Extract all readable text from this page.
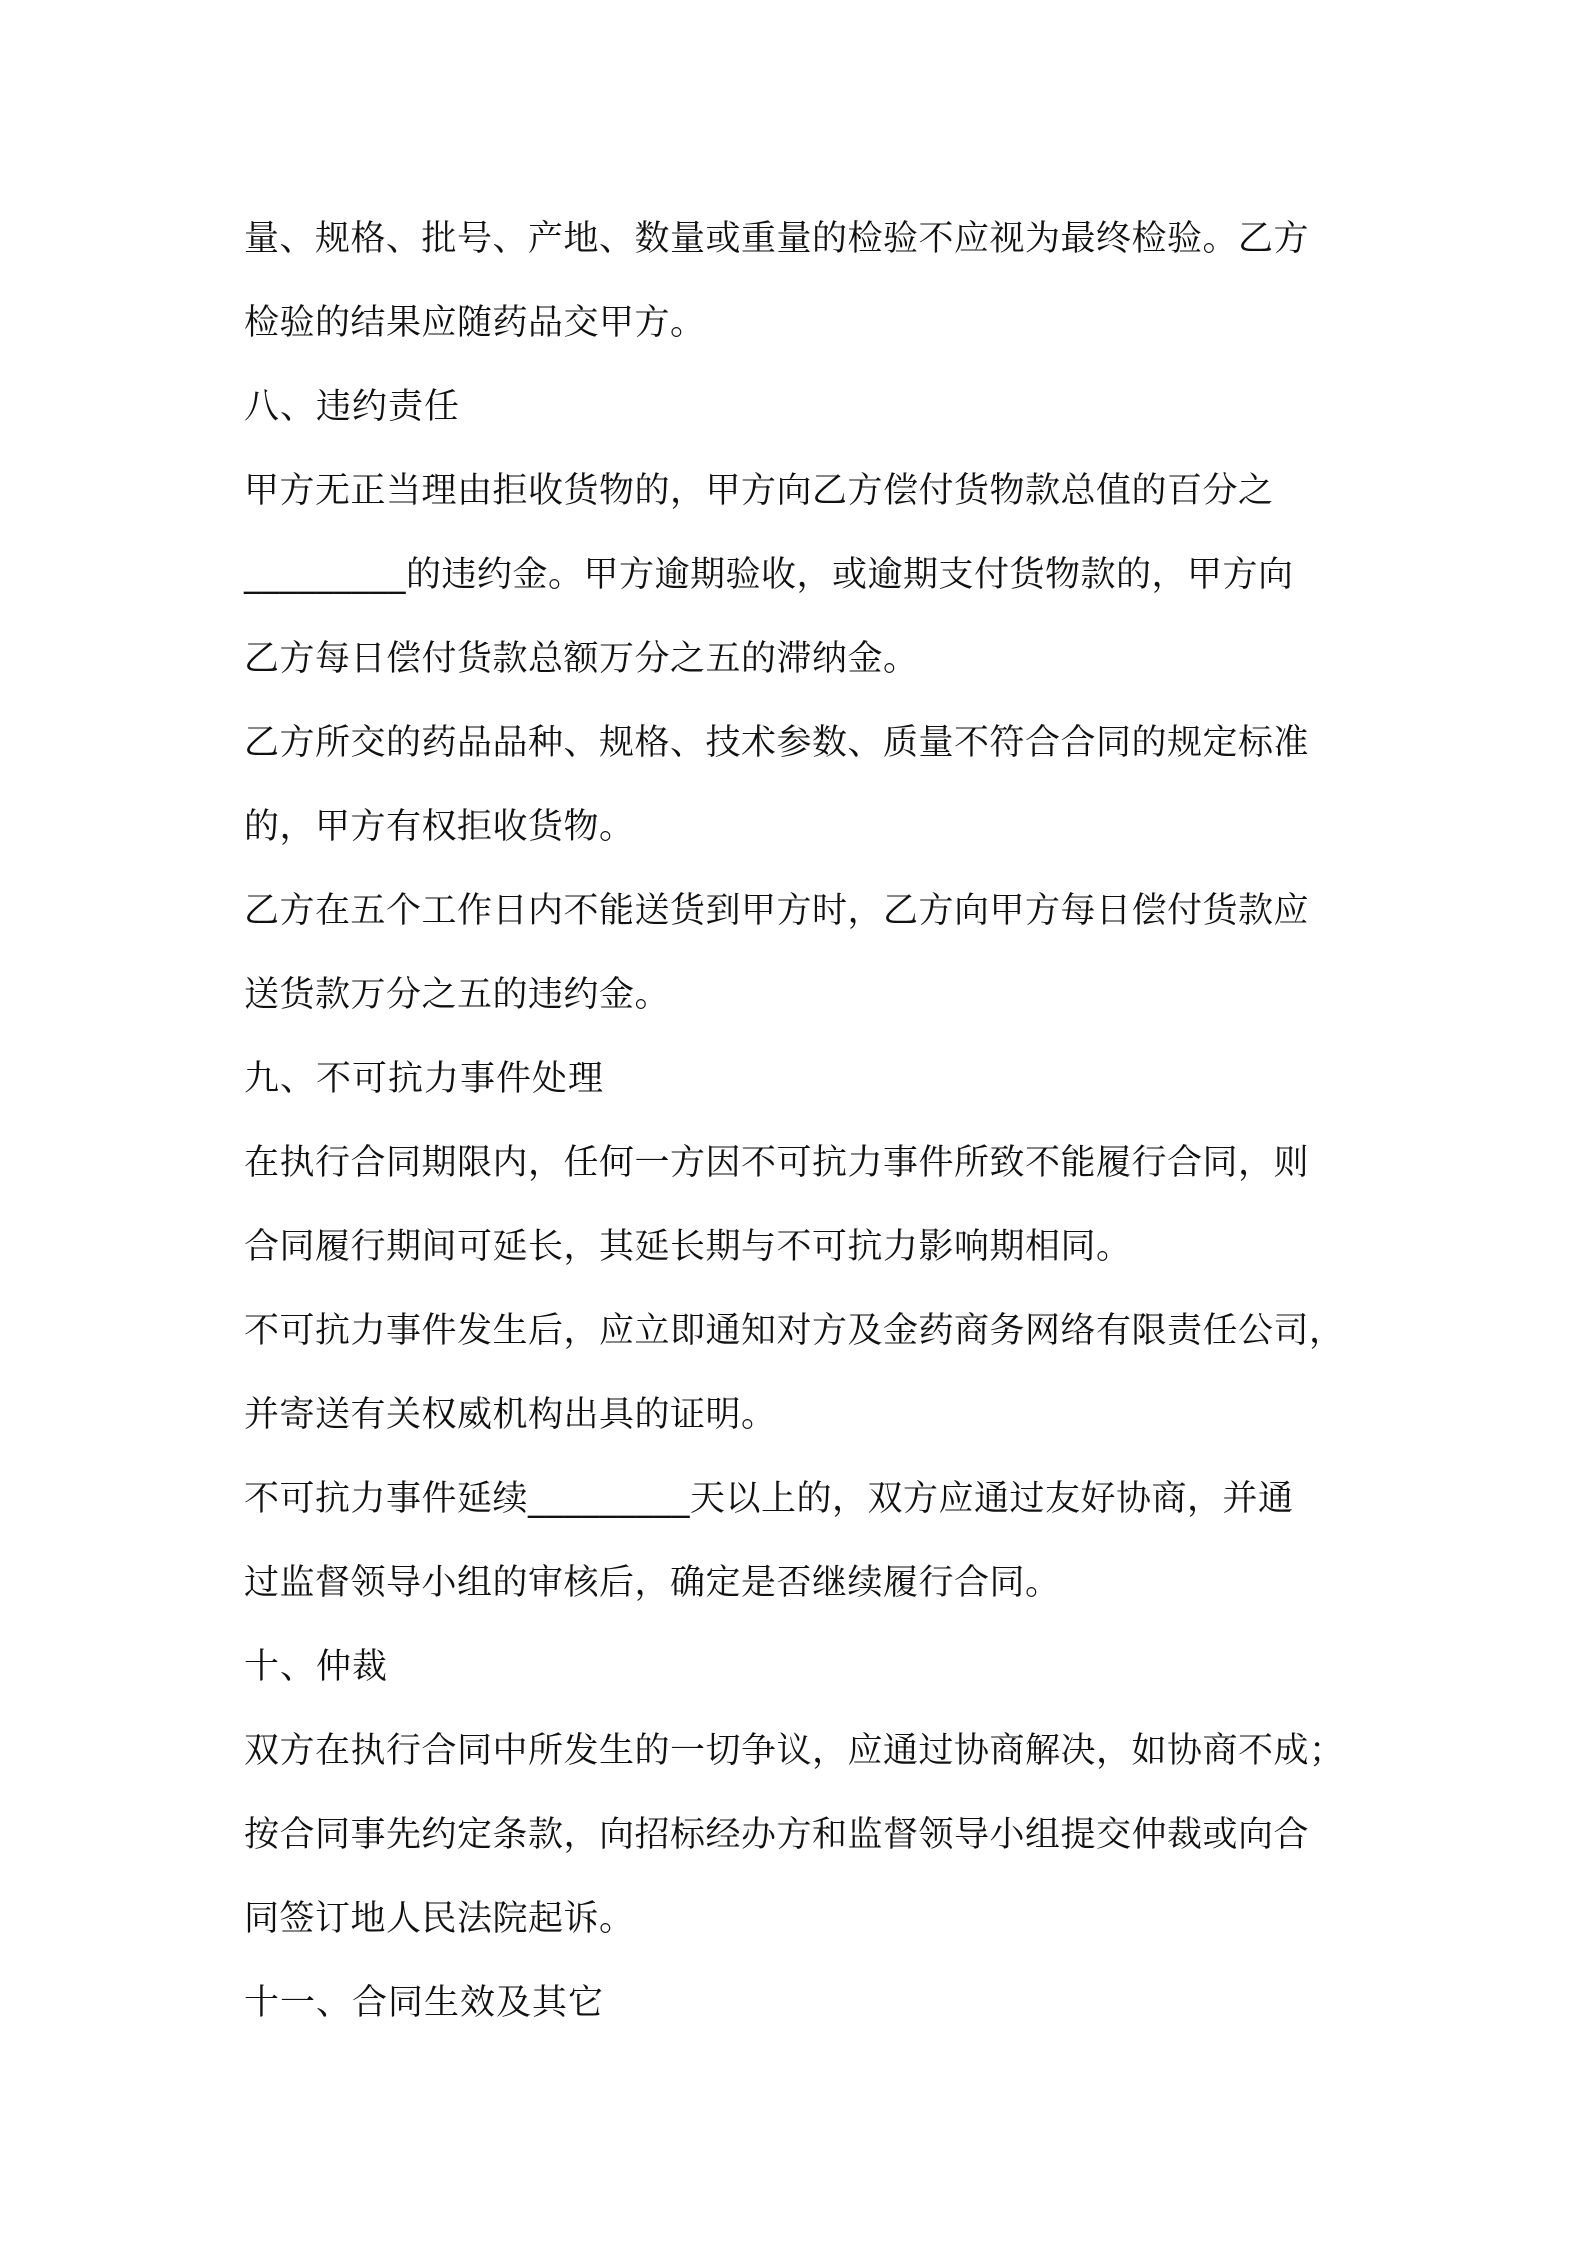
量、规格、批号、产地、数量或重量的检验不应视为最终检验。乙方
检验的结果应随药品交甲方。
八、违约责任
甲方无正当理由拒收货物的，甲方向乙方偿付货物款总值的百分之
_________的违约金。甲方逾期验收，或逾期支付货物款的，甲方向
乙方每日偿付货款总额万分之五的滞纳金。
乙方所交的药品品种、规格、技术参数、质量不符合合同的规定标准
的，甲方有权拒收货物。
乙方在五个工作日内不能送货到甲方时，乙方向甲方每日偿付货款应
送货款万分之五的违约金。
九、不可抗力事件处理
在执行合同期限内，任何一方因不可抗力事件所致不能履行合同，则
合同履行期间可延长，其延长期与不可抗力影响期相同。
不可抗力事件发生后，应立即通知对方及金药商务网络有限责任公司，
并寄送有关权威机构出具的证明。
不可抗力事件延续_________天以上的，双方应通过友好协商，并通
过监督领导小组的审核后，确定是否继续履行合同。
十、仲裁
双方在执行合同中所发生的一切争议，应通过协商解决，如协商不成；
按合同事先约定条款，向招标经办方和监督领导小组提交仲裁或向合
同签订地人民法院起诉。
十一、合同生效及其它
